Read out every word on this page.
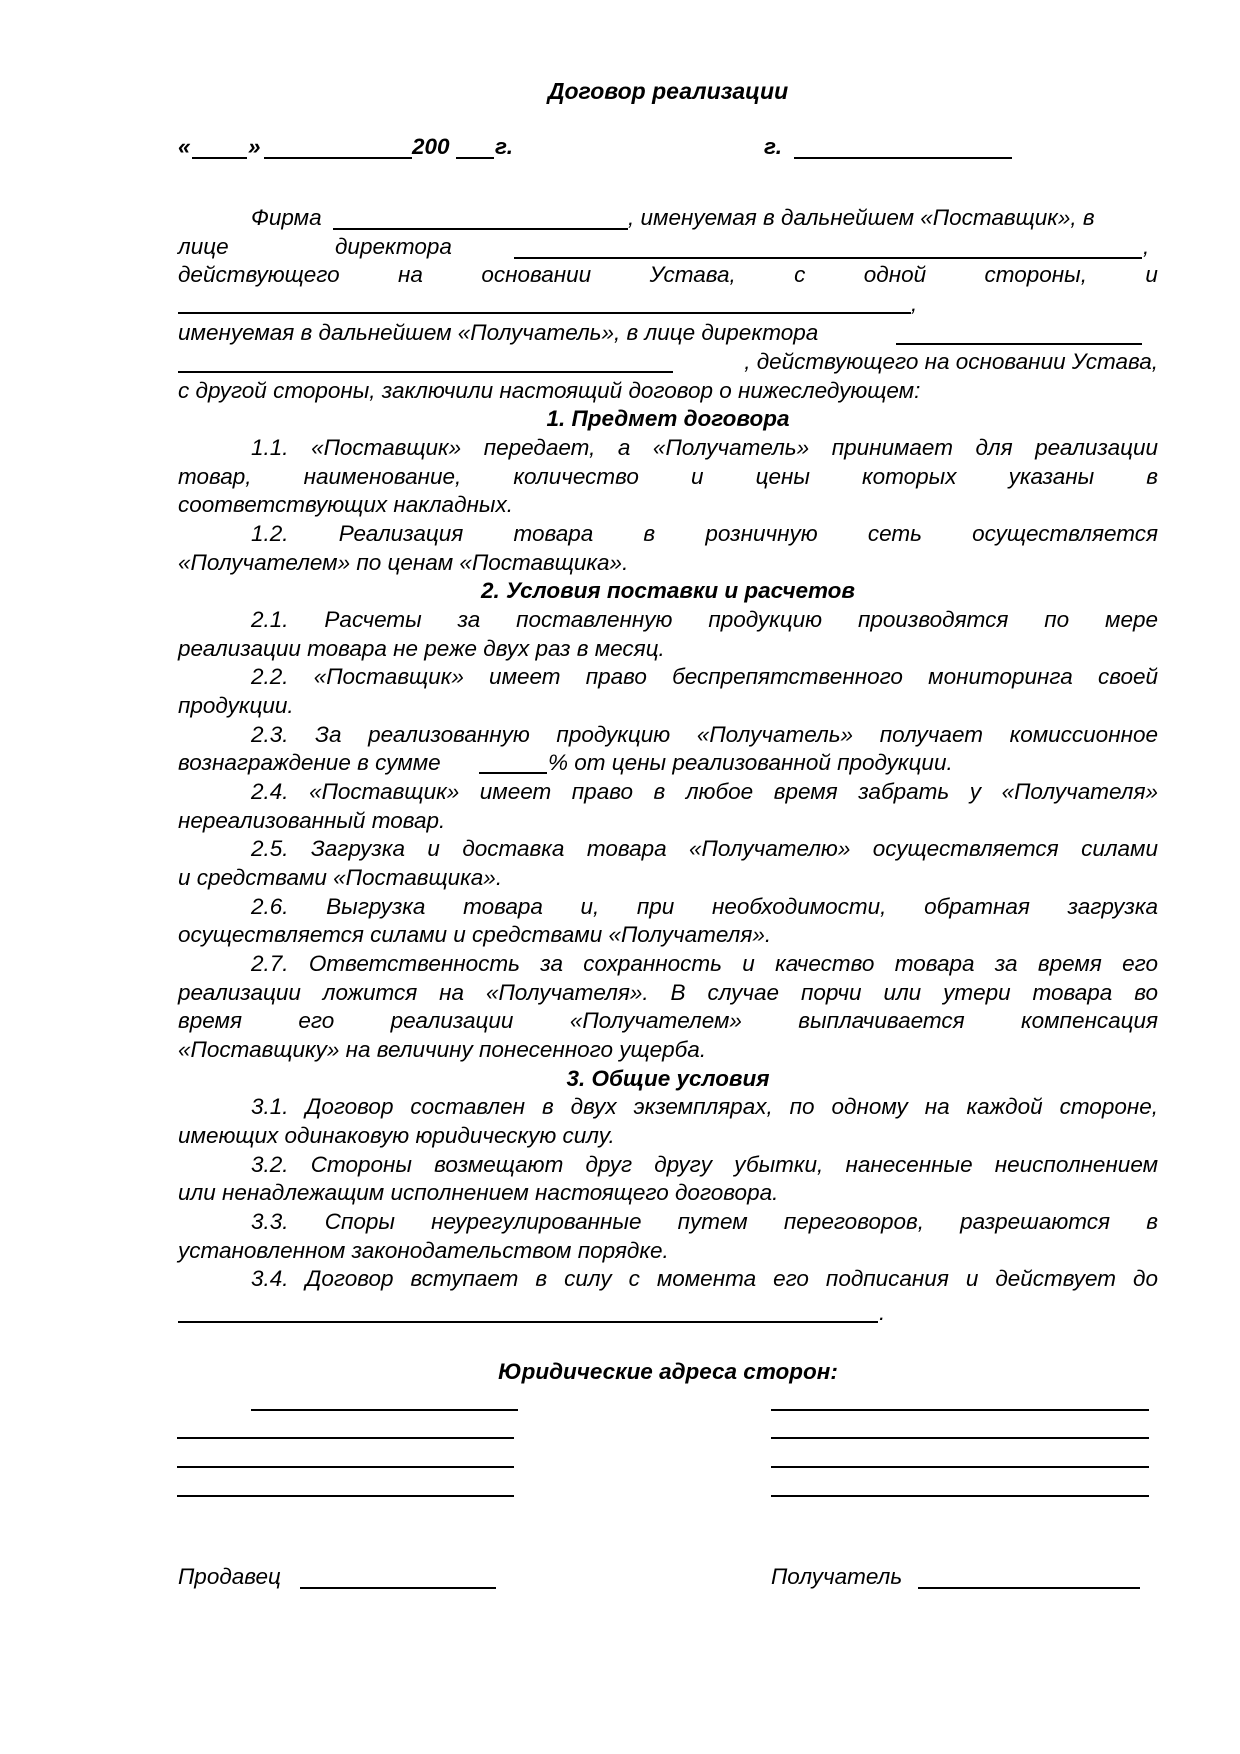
Договор реализации
«	»	200 г.	г.
Фирма	, именуемая в дальнейшем «Поставщик», в
лице	директора	,
действующего	на	основании	Устава,	с	одной	стороны,	и
,
именуемая в дальнейшем «Получатель», в лице директора
, действующего на основании Устава,
с другой стороны, заключили настоящий договор о нижеследующем:
1. Предмет договора
1.1. «Поставщик» передает, а «Получатель» принимает для реализации
товар, наименование, количество и цены которых указаны в
соответствующих накладных.
1.2. Реализация товара в розничную сеть осуществляется
«Получателем» по ценам «Поставщика».
2. Условия поставки и расчетов
2.1. Расчеты за поставленную продукцию производятся по мере
реализации товара не реже двух раз в месяц.
2.2. «Поставщик» имеет право беспрепятственного мониторинга своей
продукции.
2.3. За реализованную продукцию «Получатель» получает комиссионное
вознаграждение в сумме	% от цены реализованной продукции.
2.4. «Поставщик» имеет право в любое время забрать у «Получателя»
нереализованный товар.
2.5. Загрузка и доставка товара «Получателю» осуществляется силами
и средствами «Поставщика».
2.6. Выгрузка товара и, при необходимости, обратная загрузка
осуществляется силами и средствами «Получателя».
2.7. Ответственность за сохранность и качество товара за время его
реализации ложится на «Получателя». В случае порчи или утери товара во
время его реализации «Получателем» выплачивается компенсация
«Поставщику» на величину понесенного ущерба.
3. Общие условия
3.1. Договор составлен в двух экземплярах, по одному на каждой стороне,
имеющих одинаковую юридическую силу.
3.2. Стороны возмещают друг другу убытки, нанесенные неисполнением
или ненадлежащим исполнением настоящего договора.
3.3. Споры неурегулированные путем переговоров, разрешаются в
установленном законодательством порядке.
3.4. Договор вступает в силу с момента его подписания и действует до
.
Юридические адреса сторон:
Продавец	Получатель
